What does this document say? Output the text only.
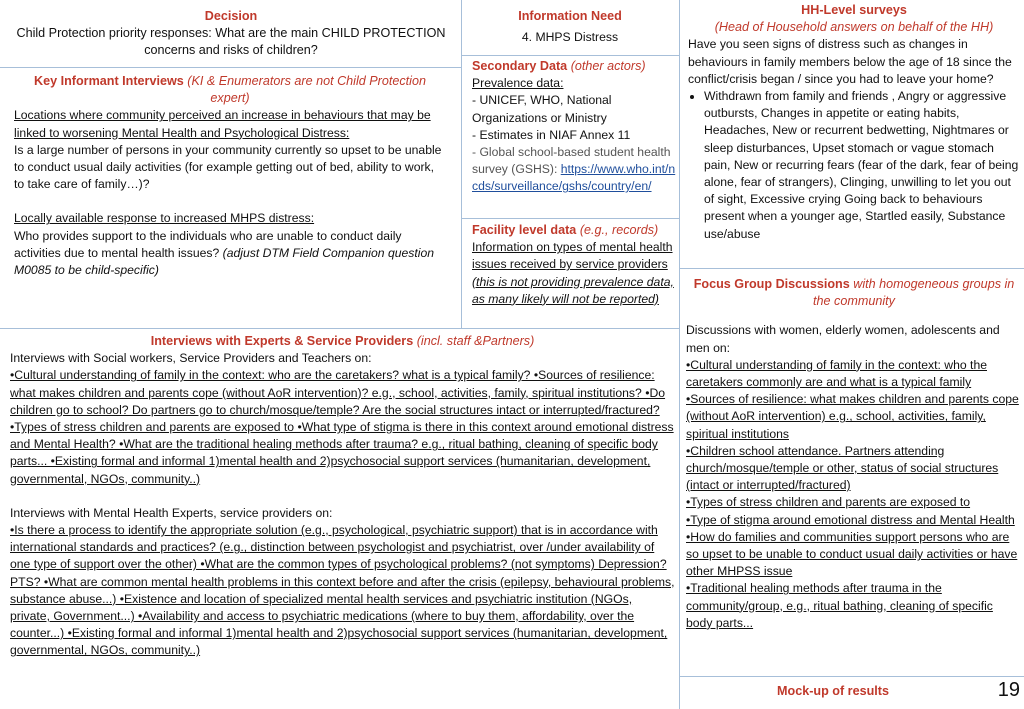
Decision

Child Protection priority responses: What are the main CHILD PROTECTION concerns and risks of children?

Information Need

4. MHPS Distress

HH-Level surveys

(Head of Household answers on behalf of the HH)

Have you seen signs of distress such as changes in behaviours in family members below the age of 18 since the conflict/crisis began / since you had to leave your home?

• Withdrawn from family and friends , Angry or aggressive outbursts, Changes in appetite or eating habits, Headaches, New or recurrent bedwetting, Nightmares or sleep disturbances, Upset stomach or vague stomach pain, New or recurring fears (fear of the dark, fear of being alone, fear of strangers), Clinging, unwilling to let you out of sight, Excessive crying Going back to behaviours present when a younger age, Startled easily, Substance use/abuse

Key Informant Interviews (KI & Enumerators are not Child Protection expert)

Locations where community perceived an increase in behaviours that may be linked to worsening Mental Health and Psychological Distress:

Is a large number of persons in your community currently so upset to be unable to conduct usual daily activities (for example getting out of bed, ability to work, to take care of family…)?

Locally available response to increased MHPS distress:

Who provides support to the individuals who are unable to conduct daily activities due to mental health issues? (adjust DTM Field Companion question M0085 to be child-specific)

Secondary Data (other actors)

Prevalence data:

- UNICEF, WHO, National Organizations or Ministry

- Estimates in NIAF Annex 11

- Global school-based student health survey (GSHS): https://www.who.int/ncds/surveillance/gshs/country/en/

Facility level data (e.g., records)

Information on types of mental health issues received by service providers (this is not providing prevalence data, as many likely will not be reported)

Interviews with Experts & Service Providers (incl. staff &Partners)

Interviews with Social workers, Service Providers and Teachers on:

•Cultural understanding of family in the context: who are the caretakers? what is a typical family? •Sources of resilience: what makes children and parents cope (without AoR intervention)? e.g., school, activities, family, spiritual institutions? •Do children go to school? Do partners go to church/mosque/temple? Are the social structures intact or interrupted/fractured? •Types of stress children and parents are exposed to •What type of stigma is there in this context around emotional distress and Mental Health? •What are the traditional healing methods after trauma? e.g., ritual bathing, cleaning of specific body parts... •Existing formal and informal 1)mental health and 2)psychosocial support services (humanitarian, development, governmental, NGOs, community..)

Interviews with Mental Health Experts, service providers on:

•Is there a process to identify the appropriate solution (e.g., psychological, psychiatric support) that is in accordance with international standards and practices? (e.g., distinction between psychologist and psychiatrist, over /under availability of one type of support over the other) •What are the common types of psychological problems? (not symptoms) Depression? PTS? •What are common mental health problems in this context before and after the crisis (epilepsy, behavioural problems, substance abuse...) •Existence and location of specialized mental health services and psychiatric institution (NGOs, private, Government...) •Availability and access to psychiatric medications (where to buy them, affordability, over the counter...) •Existing formal and informal 1)mental health and 2)psychosocial support services (humanitarian, development, governmental, NGOs, community..)

Focus Group Discussions with homogeneous groups in the community

Discussions with women, elderly women, adolescents and men on:

•Cultural understanding of family in the context: who the caretakers commonly are and what is a typical family

•Sources of resilience: what makes children and parents cope (without AoR intervention) e.g., school, activities, family, spiritual institutions

•Children school attendance. Partners attending church/mosque/temple or other, status of social structures (intact or interrupted/fractured)

•Types of stress children and parents are exposed to

•Type of stigma around emotional distress and Mental Health

•How do families and communities support persons who are so upset to be unable to conduct usual daily activities or have other MHPSS issue

•Traditional healing methods after trauma in the community/group, e.g., ritual bathing, cleaning of specific body parts...

Mock-up of results	19
